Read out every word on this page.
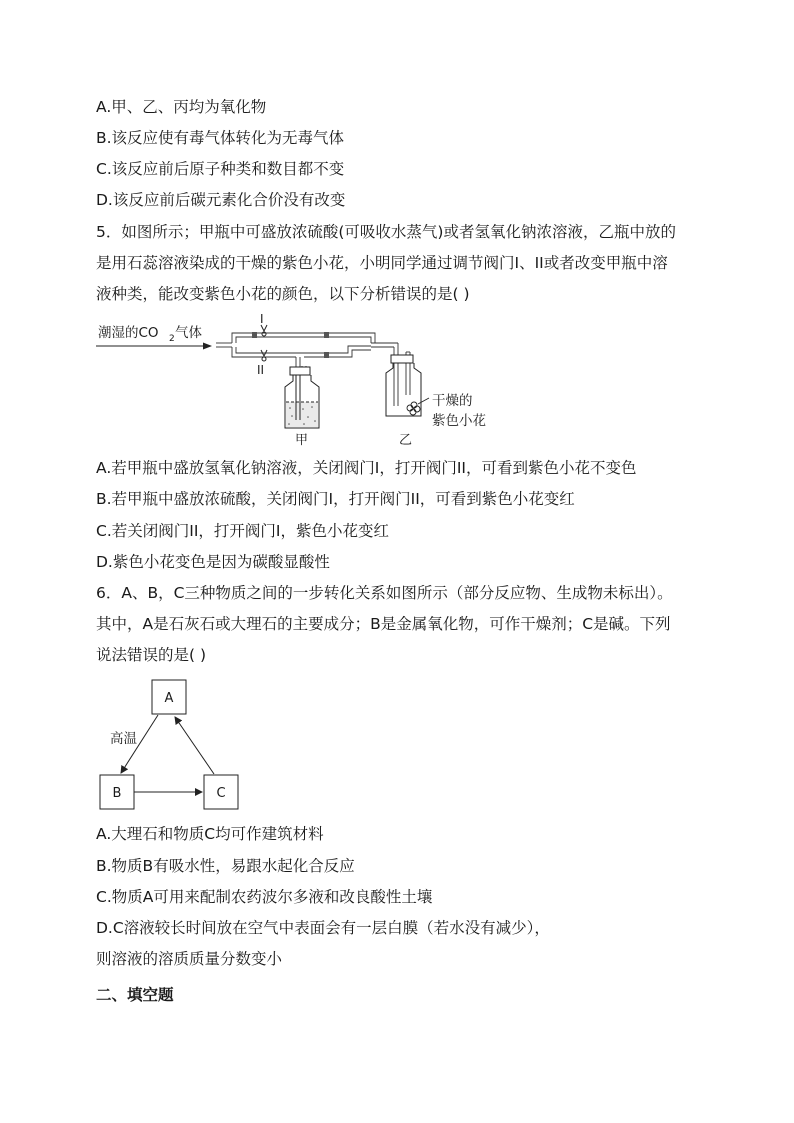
A.甲、乙、丙均为氧化物
B.该反应使有毒气体转化为无毒气体
C.该反应前后原子种类和数目都不变
D.该反应前后碳元素化合价没有改变
5．如图所示；甲瓶中可盛放浓硫酸(可吸收水蒸气)或者氢氧化钠浓溶液，乙瓶中放的
是用石蕊溶液染成的干燥的紫色小花，小明同学通过调节阀门I、II或者改变甲瓶中溶
液种类，能改变紫色小花的颜色，以下分析错误的是( )
潮湿的CO 2 气体
I
II
甲
干燥的
紫色小花
乙
A.若甲瓶中盛放氢氧化钠溶液，关闭阀门I，打开阀门II，可看到紫色小花不变色
B.若甲瓶中盛放浓硫酸，关闭阀门I，打开阀门II，可看到紫色小花变红
C.若关闭阀门II，打开阀门I，紫色小花变红
D.紫色小花变色是因为碳酸显酸性
6．A、B，C三种物质之间的一步转化关系如图所示（部分反应物、生成物未标出）。
其中，A是石灰石或大理石的主要成分；B是金属氧化物，可作干燥剂；C是碱。下列
说法错误的是( )
A
B	C
高温
A.大理石和物质C均可作建筑材料
B.物质B有吸水性，易跟水起化合反应
C.物质A可用来配制农药波尔多液和改良酸性土壤
D.C溶液较长时间放在空气中表面会有一层白膜（若水没有减少），
则溶液的溶质质量分数变小
二、填空题
